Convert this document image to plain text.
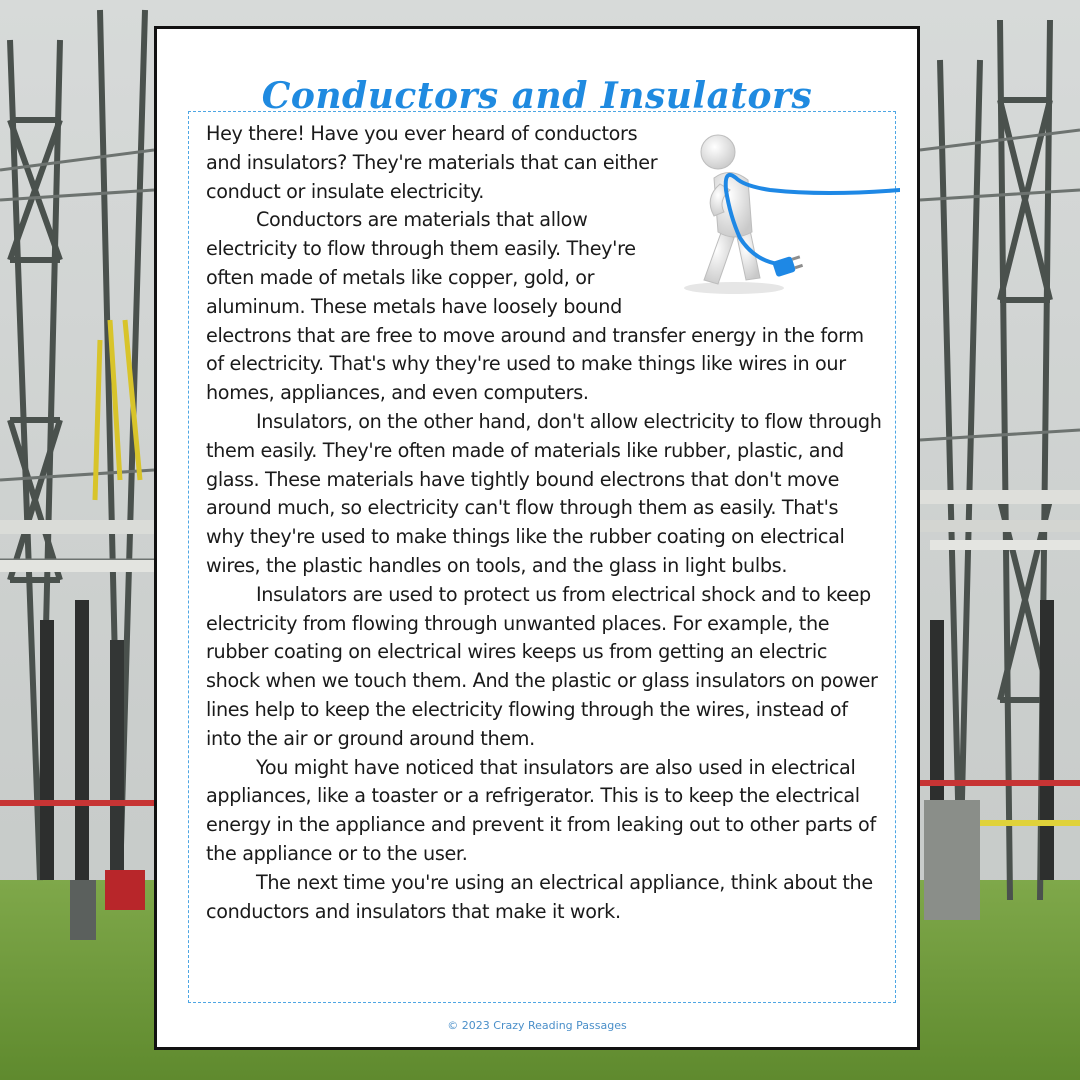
Conductors and Insulators

Hey there! Have you ever heard of conductors and insulators? They're materials that can either conduct or insulate electricity.

Conductors are materials that allow electricity to flow through them easily. They're often made of metals like copper, gold, or aluminum. These metals have loosely bound electrons that are free to move around and transfer energy in the form of electricity. That's why they're used to make things like wires in our homes, appliances, and even computers.

Insulators, on the other hand, don't allow electricity to flow through them easily. They're often made of materials like rubber, plastic, and glass. These materials have tightly bound electrons that don't move around much, so electricity can't flow through them as easily. That's why they're used to make things like the rubber coating on electrical wires, the plastic handles on tools, and the glass in light bulbs.

Insulators are used to protect us from electrical shock and to keep electricity from flowing through unwanted places. For example, the rubber coating on electrical wires keeps us from getting an electric shock when we touch them. And the plastic or glass insulators on power lines help to keep the electricity flowing through the wires, instead of into the air or ground around them.

You might have noticed that insulators are also used in electrical appliances, like a toaster or a refrigerator. This is to keep the electrical energy in the appliance and prevent it from leaking out to other parts of the appliance or to the user.

The next time you're using an electrical appliance, think about the conductors and insulators that make it work.

© 2023 Crazy Reading Passages
